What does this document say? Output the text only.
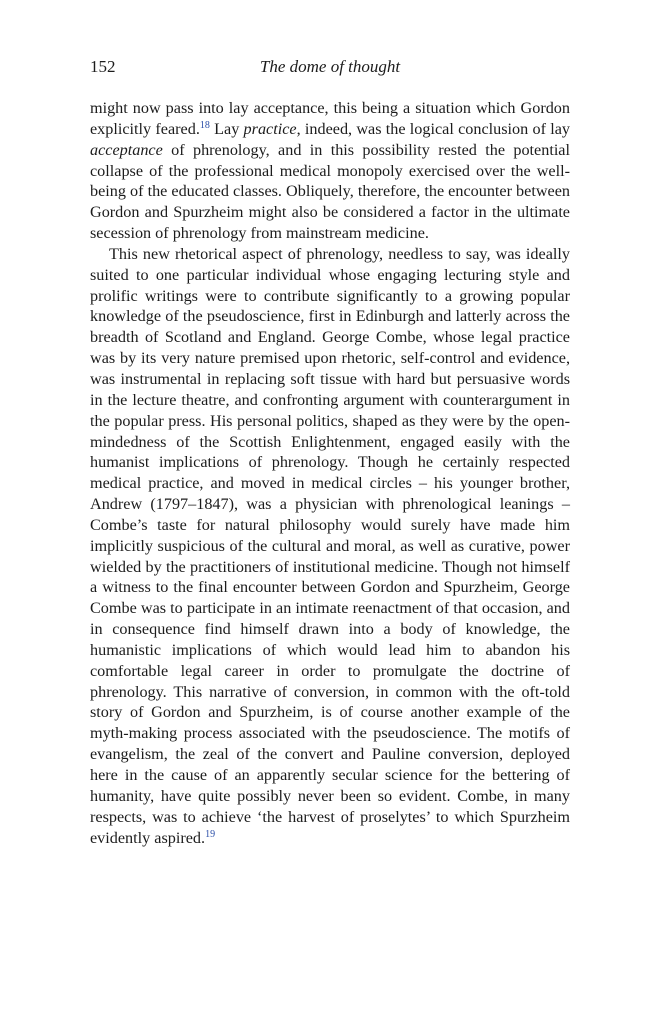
152	The dome of thought

might now pass into lay acceptance, this being a situation which Gordon explicitly feared.$^{18}$ Lay practice, indeed, was the logical conclusion of lay acceptance of phrenology, and in this possibility rested the potential collapse of the professional medical monopoly exercised over the well-being of the educated classes. Obliquely, therefore, the encounter between Gordon and Spurzheim might also be considered a factor in the ultimate secession of phrenology from mainstream medicine.

This new rhetorical aspect of phrenology, needless to say, was ideally suited to one particular individual whose engaging lecturing style and prolific writings were to contribute significantly to a growing popular knowledge of the pseudoscience, first in Edinburgh and latterly across the breadth of Scotland and England. George Combe, whose legal practice was by its very nature premised upon rhetoric, self-control and evidence, was instrumental in replacing soft tissue with hard but persuasive words in the lecture theatre, and confronting argument with counterargument in the popular press. His personal politics, shaped as they were by the open-mindedness of the Scottish Enlightenment, engaged easily with the humanist implications of phrenology. Though he certainly respected medical practice, and moved in medical circles – his younger brother, Andrew (1797–1847), was a physician with phrenological leanings – Combe’s taste for natural philosophy would surely have made him implicitly suspicious of the cultural and moral, as well as curative, power wielded by the practitioners of institutional medicine. Though not himself a witness to the final encounter between Gordon and Spurzheim, George Combe was to participate in an intimate reenactment of that occasion, and in consequence find himself drawn into a body of knowledge, the humanistic implications of which would lead him to abandon his comfortable legal career in order to promulgate the doctrine of phrenology. This narrative of conversion, in common with the oft-told story of Gordon and Spurzheim, is of course another example of the myth-making process associated with the pseudoscience. The motifs of evangelism, the zeal of the convert and Pauline conversion, deployed here in the cause of an apparently secular science for the bettering of humanity, have quite possibly never been so evident. Combe, in many respects, was to achieve ‘the harvest of proselytes’ to which Spurzheim evidently aspired.$^{19}$
